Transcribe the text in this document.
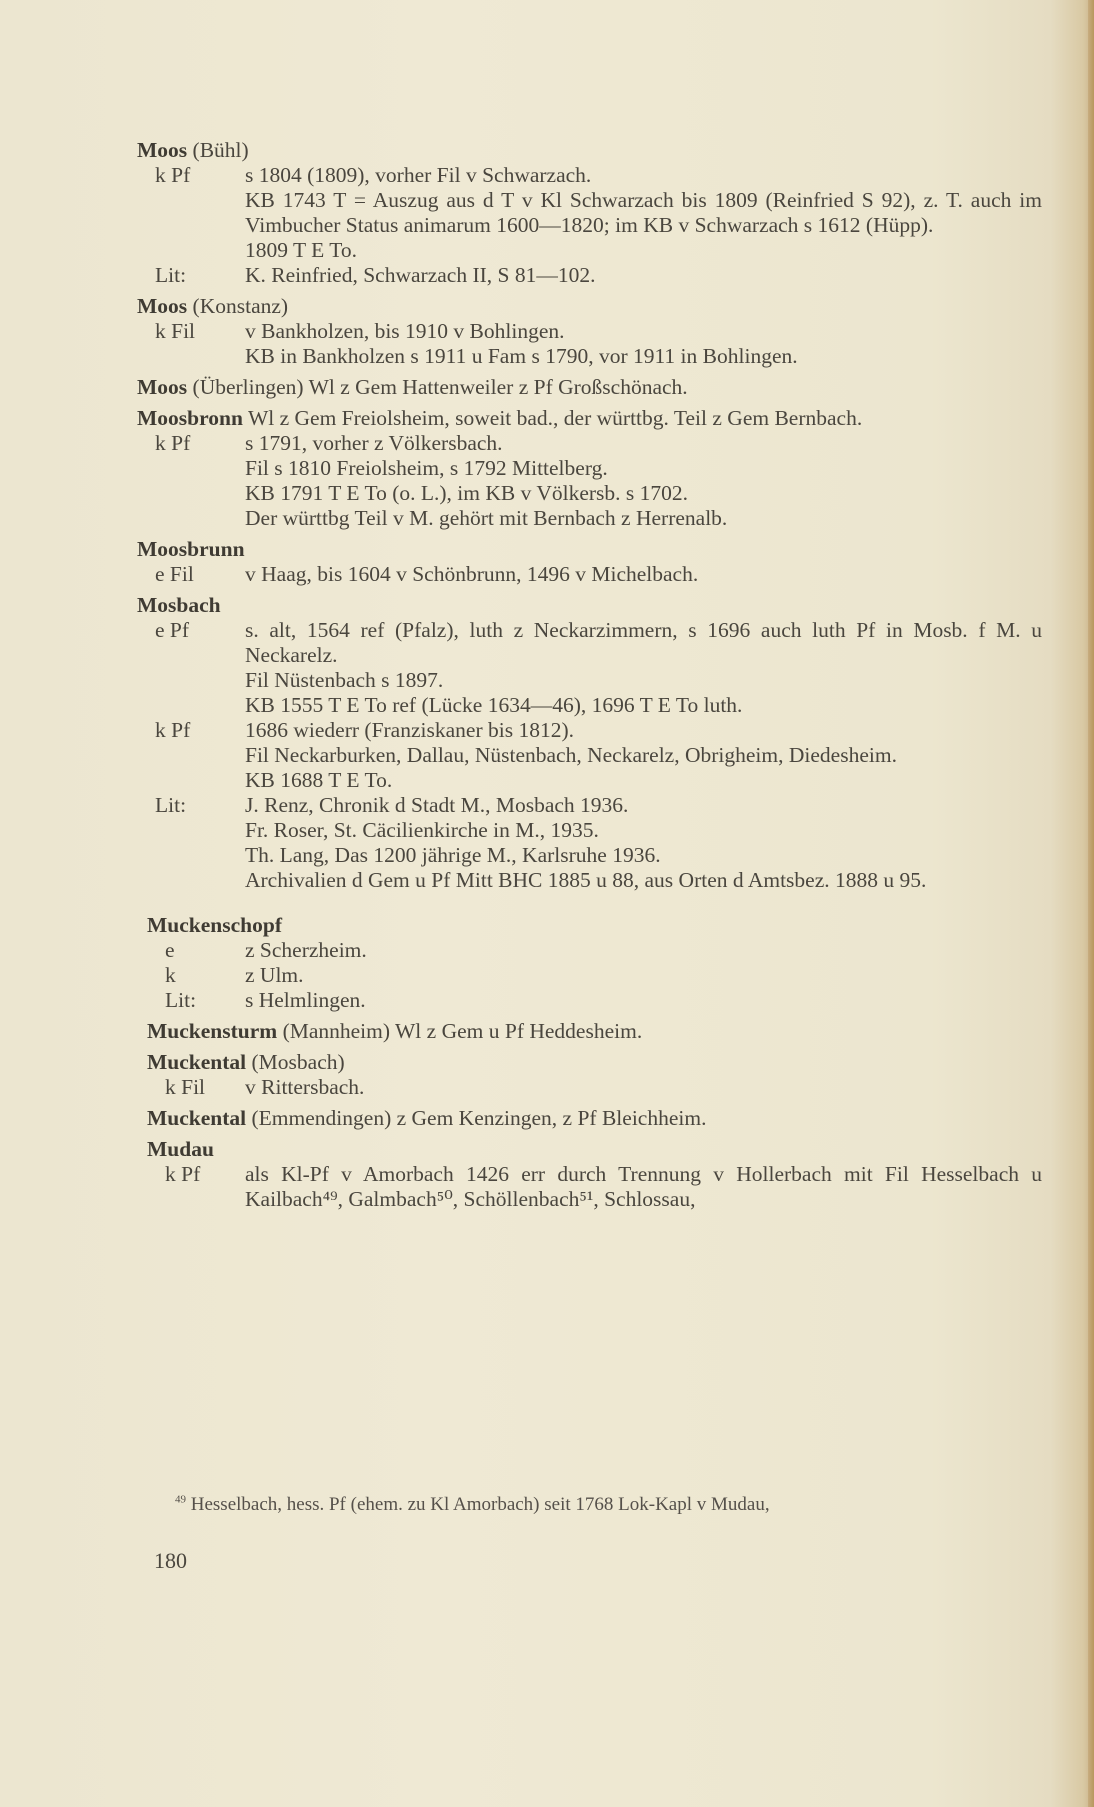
Moos (Bühl)
k Pf	s 1804 (1809), vorher Fil v Schwarzach.

KB 1743 T = Auszug aus d T v Kl Schwarzach bis 1809 (Reinfried S 92), z. T. auch im Vimbucher Status animarum 1600—1820; im KB v Schwarzach s 1612 (Hüpp).

1809 T E To.

Lit:	K. Reinfried, Schwarzach II, S 81—102.

Moos (Konstanz)
k Fil	v Bankholzen, bis 1910 v Bohlingen.

KB in Bankholzen s 1911 u Fam s 1790, vor 1911 in Bohlingen.

Moos (Überlingen) Wl z Gem Hattenweiler z Pf Großschönach.
Moosbronn Wl z Gem Freiolsheim, soweit bad., der württbg. Teil z Gem Bernbach.
k Pf	s 1791, vorher z Völkersbach.

Fil s 1810 Freiolsheim, s 1792 Mittelberg.

KB 1791 T E To (o. L.), im KB v Völkersb. s 1702.

Der württbg Teil v M. gehört mit Bernbach z Herrenalb.

Moosbrunn
e Fil	v Haag, bis 1604 v Schönbrunn, 1496 v Michelbach.

Mosbach
e Pf	s. alt, 1564 ref (Pfalz), luth z Neckarzimmern, s 1696 auch luth Pf in Mosb. f M. u Neckarelz.

Fil Nüstenbach s 1897.

KB 1555 T E To ref (Lücke 1634—46), 1696 T E To luth.

k Pf	1686 wiederr (Franziskaner bis 1812).

Fil Neckarburken, Dallau, Nüstenbach, Neckarelz, Obrigheim, Diedesheim.

KB 1688 T E To.

Lit:	J. Renz, Chronik d Stadt M., Mosbach 1936.

Fr. Roser, St. Cäcilienkirche in M., 1935.

Th. Lang, Das 1200 jährige M., Karlsruhe 1936.

Archivalien d Gem u Pf Mitt BHC 1885 u 88, aus Orten d Amtsbez. 1888 u 95.

Muckenschopf
e	z Scherzheim.

k	z Ulm.

Lit:	s Helmlingen.

Muckensturm (Mannheim) Wl z Gem u Pf Heddesheim.
Muckental (Mosbach)
k Fil	v Rittersbach.

Muckental (Emmendingen) z Gem Kenzingen, z Pf Bleichheim.
Mudau
k Pf	als Kl-Pf v Amorbach 1426 err durch Trennung v Hollerbach mit Fil Hesselbach u Kailbach⁴⁹, Galmbach⁵⁰, Schöllenbach⁵¹, Schlossau,

$^{49}$ Hesselbach, hess. Pf (ehem. zu Kl Amorbach) seit 1768 Lok-Kapl v Mudau,
180
